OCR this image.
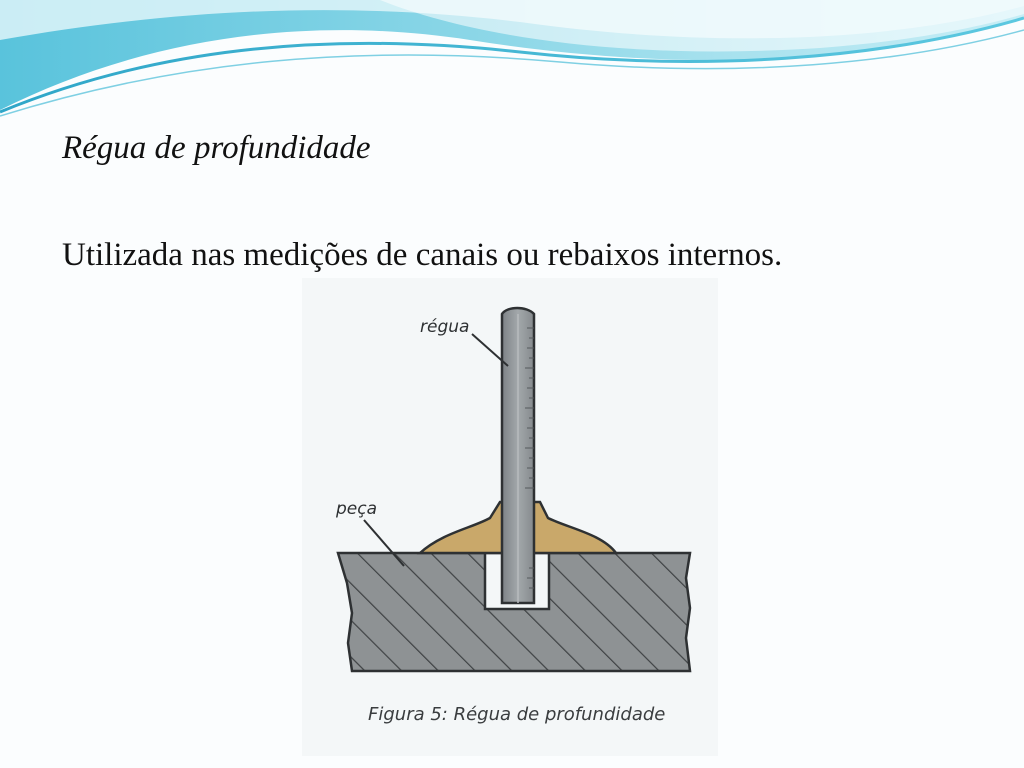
Régua de profundidade

Utilizada nas medições de canais ou rebaixos internos.

régua
peça
Figura 5: Régua de profundidade
